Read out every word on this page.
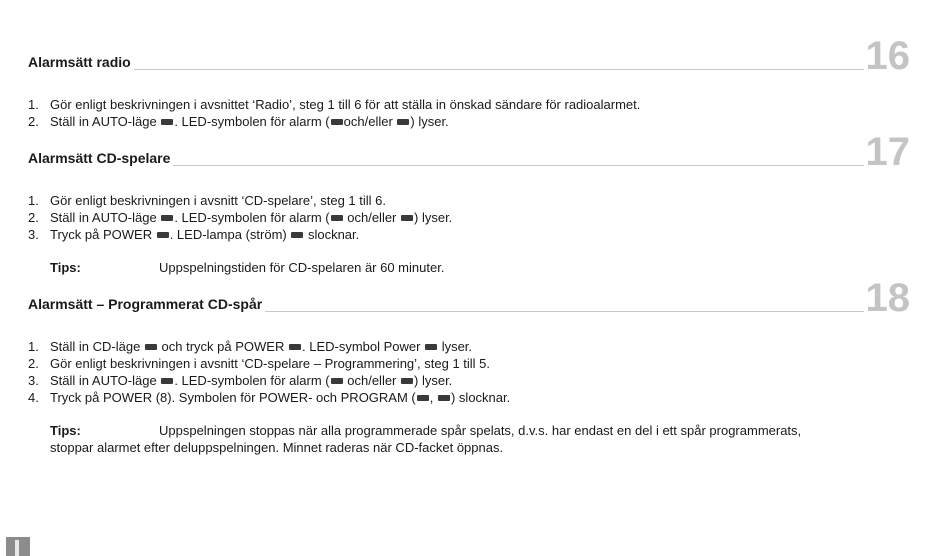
Alarmsätt radio	16
1. Gör enligt beskrivningen i avsnittet ‘Radio’, steg 1 till 6 för att ställa in önskad sändare för radioalarmet.
2. Ställ in AUTO-läge . LED-symbolen för alarm ( och/eller ) lyser.
Alarmsätt CD-spelare	17
1. Gör enligt beskrivningen i avsnitt ‘CD-spelare’, steg 1 till 6.
2. Ställ in AUTO-läge . LED-symbolen för alarm ( och/eller ) lyser.
3. Tryck på POWER . LED-lampa (ström)  slocknar.
Tips:	Uppspelningstiden för CD-spelaren är 60 minuter.
Alarmsätt – Programmerat CD-spår	18
1. Ställ in CD-läge  och tryck på POWER . LED-symbol Power  lyser.
2. Gör enligt beskrivningen i avsnitt ‘CD-spelare – Programmering’, steg 1 till 5.
3. Ställ in AUTO-läge . LED-symbolen för alarm ( och/eller ) lyser.
4. Tryck på POWER (8). Symbolen för POWER- och PROGRAM ( , ) slocknar.
Tips:	Uppspelningen stoppas när alla programmerade spår spelats, d.v.s. har endast en del i ett spår programmerats,
stoppar alarmet efter deluppspelningen. Minnet raderas när CD-facket öppnas.
